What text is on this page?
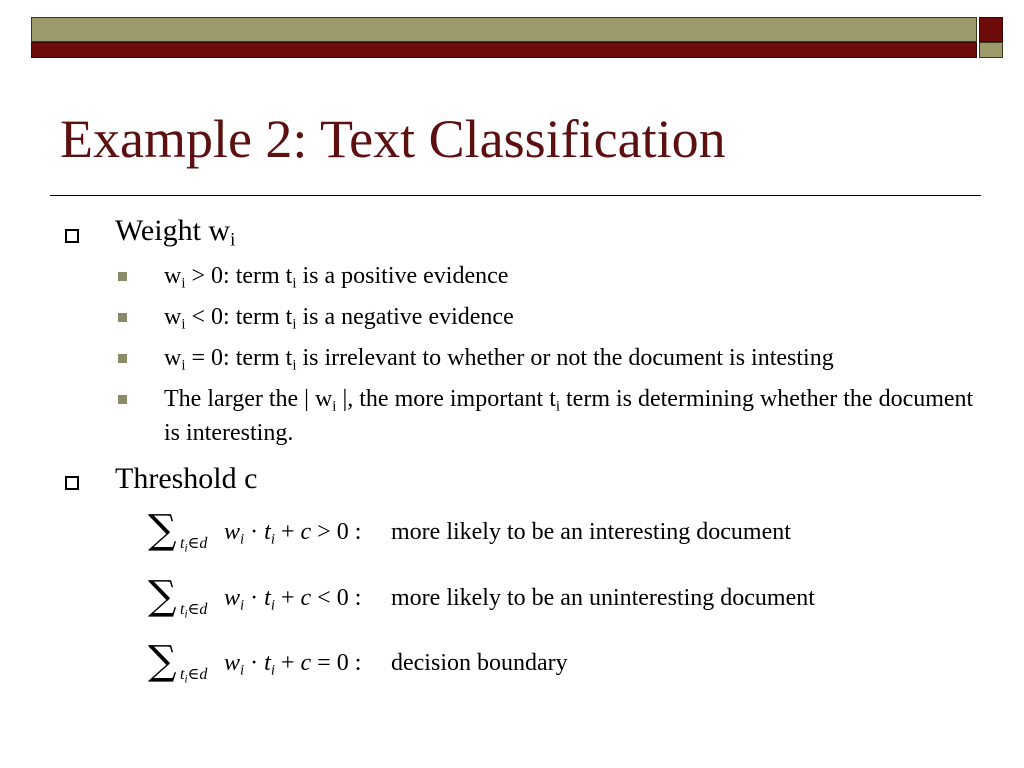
Example 2: Text Classification
Weight $w_i$
$w_i > 0$: term $t_i$ is a positive evidence
$w_i < 0$: term $t_i$ is a negative evidence
$w_i = 0$: term $t_i$ is irrelevant to whether or not the document is intesting
The larger the | $w_i$ |, the more important $t_i$ term is determining whether the document is interesting.
Threshold c
∑ $t_i\in d$ $w_i \cdot t_i + c > 0$ : more likely to be an interesting document
∑ $t_i\in d$ $w_i \cdot t_i + c < 0$ : more likely to be an uninteresting document
∑ $t_i\in d$ $w_i \cdot t_i + c = 0$ : decision boundary
